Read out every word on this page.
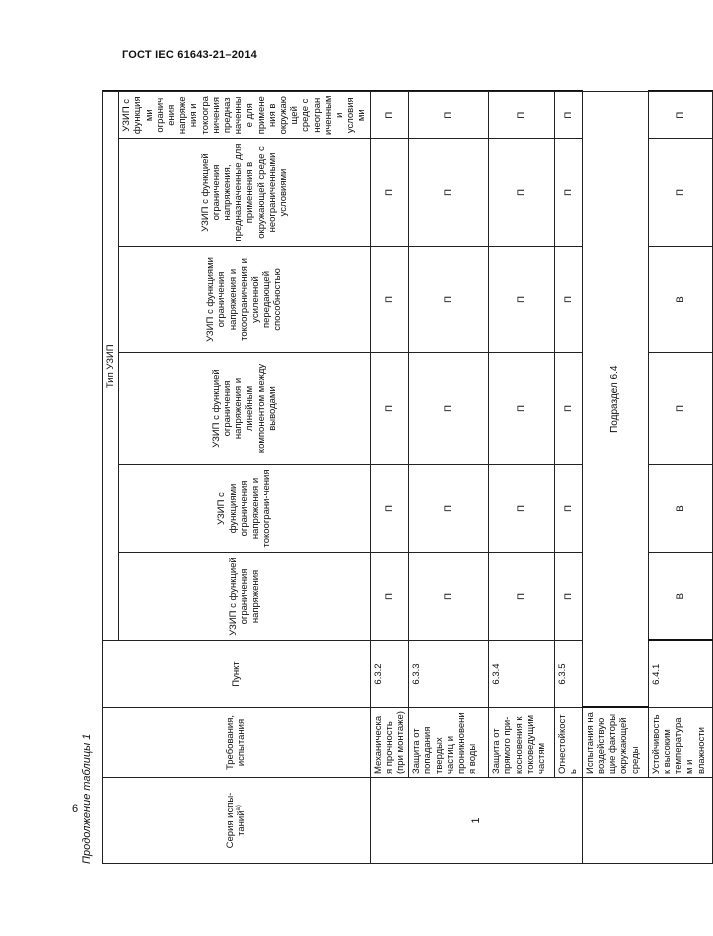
ГОСТ IEC 61643-21–2014
6 Продолжение таблицы 1	Серия испы-таний$^{a)}$	Требования, испытания	Пункт	Тип УЗИП						
			УЗИП с функцией ограничения напряжения	УЗИП с функциями ограничения напряжения и токоограни-чения	УЗИП с функцией ограничения напряжения и линейным компонентом между выводами	УЗИП с функциями ограничения напряжения и токоограничения и усиленной передающей способностью	УЗИП с функцией ограничения напряжения, предназначенные для применения в окружающей среде с неограниченными условиями	УЗИП с функциями ограничения напряжения и токоограничения предназначенные для применения в окружающей среде с неограниченными условиями	
1	Механическая прочность (при монтаже)	6.3.2	П	П	П	П	П	П	
	Защита от попадания твердых частиц и проникновения воды	6.3.3	П	П	П	П	П	П	
	Защита от прямого при-косновения к токоведущим частям	6.3.4	П	П	П	П	П	П	
	Огнестойкость	6.3.5	П	П	П	П	П	П	
	Испытания на воздействующие факторы окружающей среды	Подраздел 6.4							
	Устойчивость к высоким температурам и влажности	6.4.1	В	В	П	В	П	П	
